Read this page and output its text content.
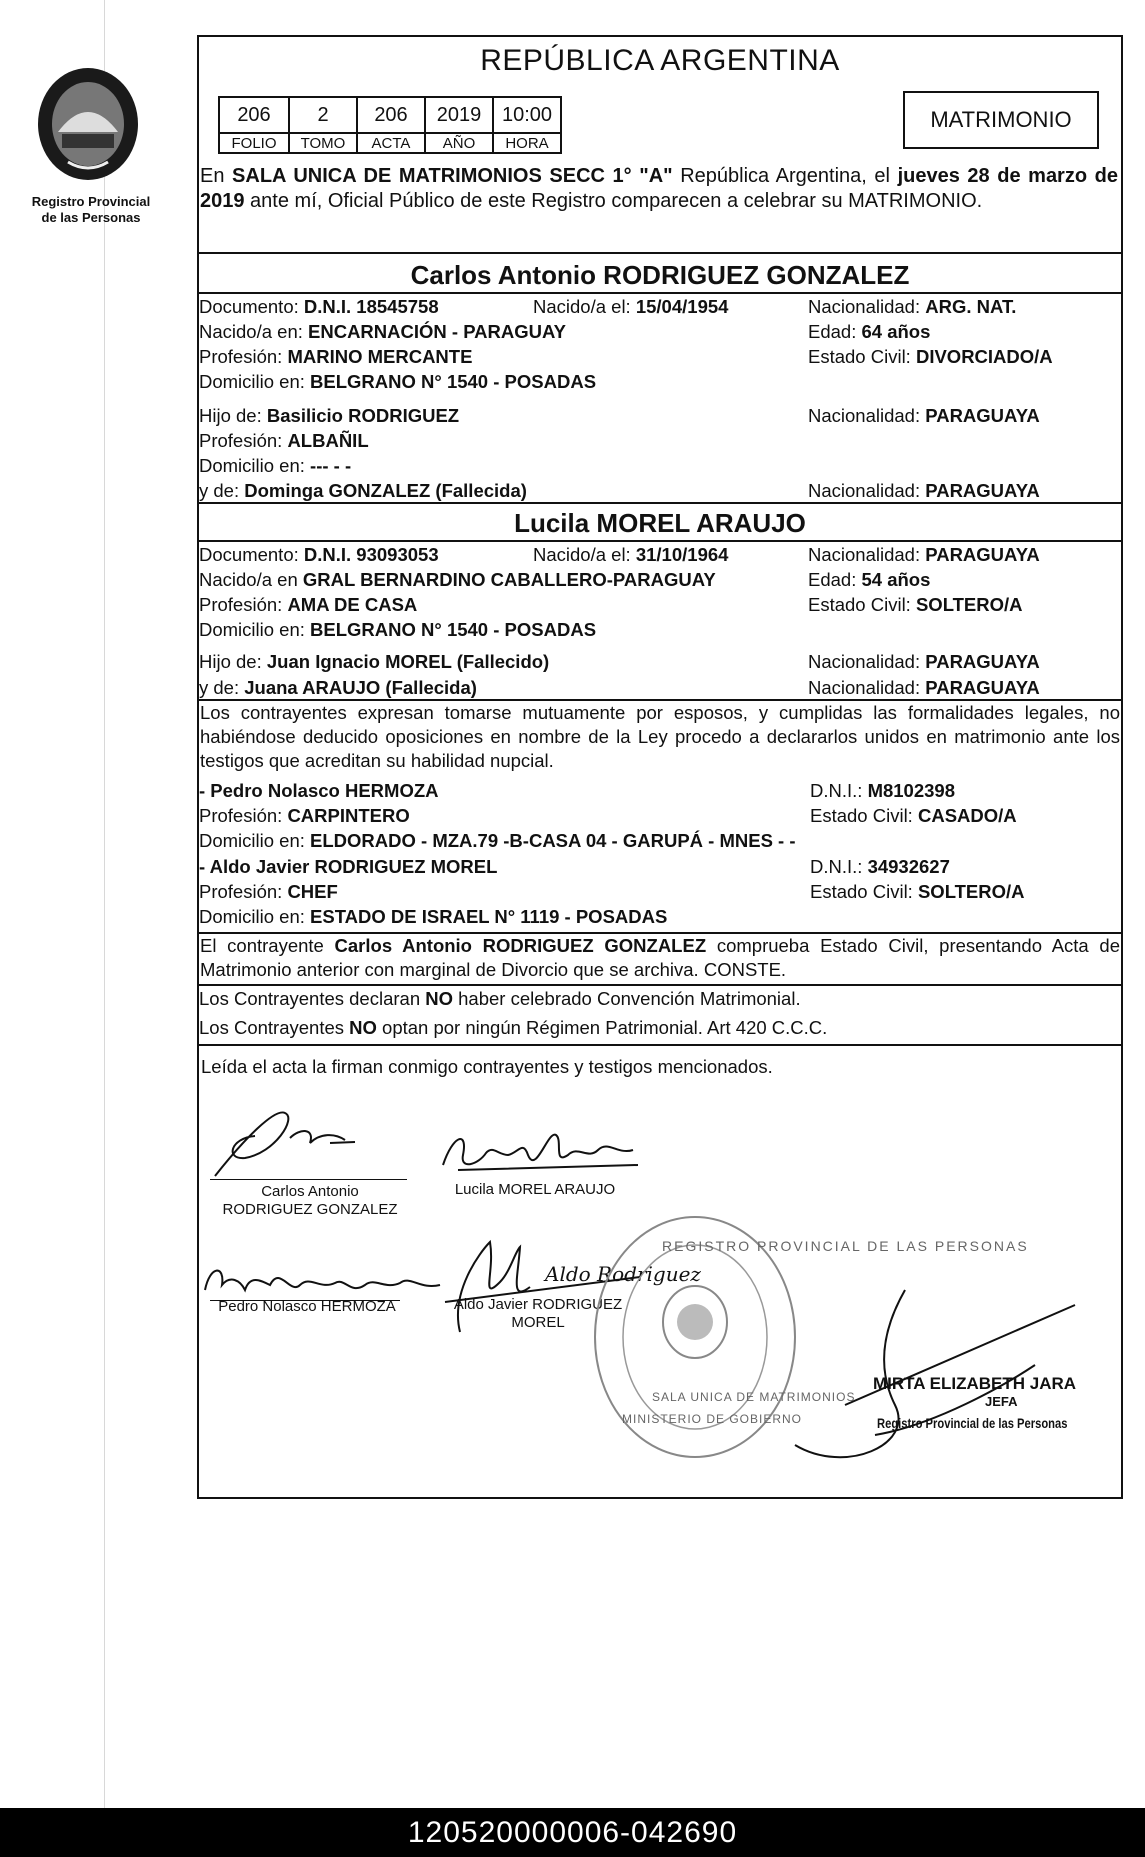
Registro Provincial
de las Personas
REPÚBLICA ARGENTINA
206	2	206	2019	10:00
FOLIO	TOMO	ACTA	AÑO	HORA
MATRIMONIO
En SALA UNICA DE MATRIMONIOS SECC 1° "A" República Argentina, el jueves 28 de marzo de 2019 ante mí, Oficial Público de este Registro comparecen a celebrar su MATRIMONIO.
Carlos Antonio RODRIGUEZ GONZALEZ
Documento: D.N.I. 18545758	Nacido/a el: 15/04/1954	Nacionalidad: ARG. NAT.
Nacido/a en: ENCARNACIÓN - PARAGUAY	Edad: 64 años
Profesión: MARINO MERCANTE	Estado Civil: DIVORCIADO/A
Domicilio en: BELGRANO N° 1540 - POSADAS
Hijo de: Basilicio RODRIGUEZ	Nacionalidad: PARAGUAYA
Profesión: ALBAÑIL
Domicilio en: --- - -
y de: Dominga GONZALEZ (Fallecida)	Nacionalidad: PARAGUAYA
Lucila MOREL ARAUJO
Documento: D.N.I. 93093053	Nacido/a el: 31/10/1964	Nacionalidad: PARAGUAYA
Nacido/a en GRAL BERNARDINO CABALLERO-PARAGUAY	Edad: 54 años
Profesión: AMA DE CASA	Estado Civil: SOLTERO/A
Domicilio en: BELGRANO N° 1540 - POSADAS
Hijo de: Juan Ignacio MOREL (Fallecido)	Nacionalidad: PARAGUAYA
y de: Juana ARAUJO (Fallecida)	Nacionalidad: PARAGUAYA
Los contrayentes expresan tomarse mutuamente por esposos, y cumplidas las formalidades legales, no habiéndose deducido oposiciones en nombre de la Ley procedo a declararlos unidos en matrimonio ante los testigos que acreditan su habilidad nupcial.
- Pedro Nolasco HERMOZA	D.N.I.: M8102398
Profesión: CARPINTERO	Estado Civil: CASADO/A
Domicilio en: ELDORADO - MZA.79 -B-CASA 04 - GARUPÁ - MNES - -
- Aldo Javier RODRIGUEZ MOREL	D.N.I.: 34932627
Profesión: CHEF	Estado Civil: SOLTERO/A
Domicilio en: ESTADO DE ISRAEL N° 1119 - POSADAS
El contrayente Carlos Antonio RODRIGUEZ GONZALEZ comprueba Estado Civil, presentando Acta de Matrimonio anterior con marginal de Divorcio que se archiva. CONSTE.
Los Contrayentes declaran NO haber celebrado Convención Matrimonial.
Los Contrayentes NO optan por ningún Régimen Patrimonial. Art 420 C.C.C.
Leída el acta la firman conmigo contrayentes y testigos mencionados.
Carlos Antonio
RODRIGUEZ GONZALEZ
Lucila MOREL ARAUJO
Pedro Nolasco HERMOZA
Aldo Rodriguez
Aldo Javier RODRIGUEZ
MOREL
REGISTRO PROVINCIAL DE LAS PERSONAS
SALA UNICA DE MATRIMONIOS
MINISTERIO DE GOBIERNO
MIRTA ELIZABETH JARA
JEFA
Registro Provincial de las Personas
120520000006-042690
